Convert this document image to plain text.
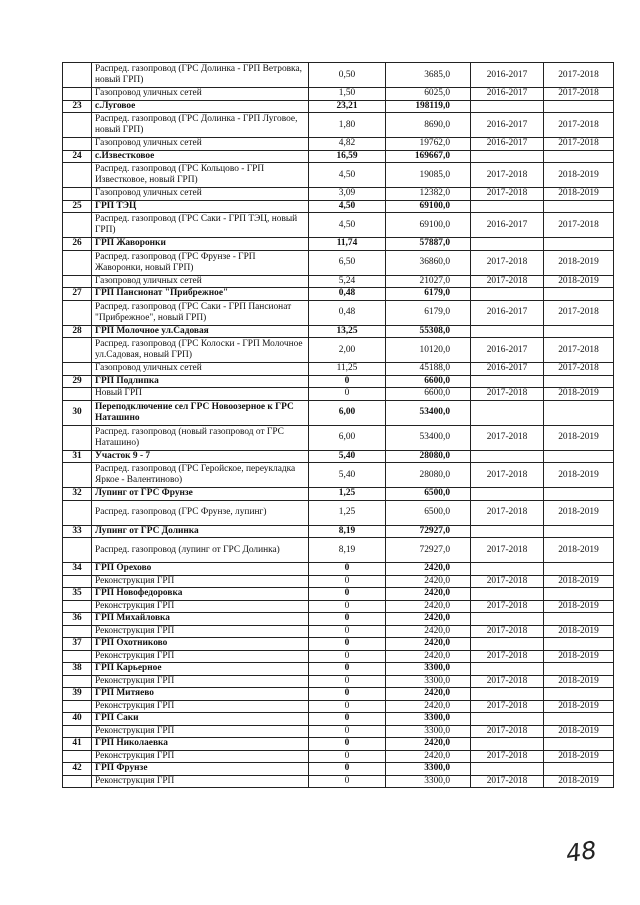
	Распред. газопровод (ГРС Долинка - ГРП Ветровка, новый ГРП)	0,50	3685,0	2016-2017	2017-2018
	Газопровод уличных сетей	1,50	6025,0	2016-2017	2017-2018
23	с.Луговое	23,21	198119,0		
	Распред. газопровод (ГРС Долинка - ГРП Луговое, новый ГРП)	1,80	8690,0	2016-2017	2017-2018
	Газопровод уличных сетей	4,82	19762,0	2016-2017	2017-2018
24	с.Известковое	16,59	169667,0		
	Распред. газопровод (ГРС Кольцово - ГРП Известковое, новый ГРП)	4,50	19085,0	2017-2018	2018-2019
	Газопровод уличных сетей	3,09	12382,0	2017-2018	2018-2019
25	ГРП ТЭЦ	4,50	69100,0		
	Распред. газопровод (ГРС Саки - ГРП ТЭЦ, новый ГРП)	4,50	69100,0	2016-2017	2017-2018
26	ГРП Жаворонки	11,74	57887,0		
	Распред. газопровод (ГРС Фрунзе - ГРП Жаворонки, новый ГРП)	6,50	36860,0	2017-2018	2018-2019
	Газопровод уличных сетей	5,24	21027,0	2017-2018	2018-2019
27	ГРП Пансионат "Прибрежное"	0,48	6179,0		
	Распред. газопровод (ГРС Саки - ГРП Пансионат "Прибрежное", новый ГРП)	0,48	6179,0	2016-2017	2017-2018
28	ГРП Молочное ул.Садовая	13,25	55308,0		
	Распред. газопровод (ГРС Колоски - ГРП Молочное ул.Садовая, новый ГРП)	2,00	10120,0	2016-2017	2017-2018
	Газопровод уличных сетей	11,25	45188,0	2016-2017	2017-2018
29	ГРП Подлипка	0	6600,0		
	Новый ГРП	0	6600,0	2017-2018	2018-2019
30	Переподключение сел ГРС Новоозерное к ГРС Наташино	6,00	53400,0		
	Распред. газопровод (новый газопровод от ГРС Наташино)	6,00	53400,0	2017-2018	2018-2019
31	Участок 9 - 7	5,40	28080,0		
	Распред. газопровод (ГРС Геройское, переукладка Яркое - Валентиново)	5,40	28080,0	2017-2018	2018-2019
32	Лупинг от ГРС Фрунзе	1,25	6500,0		
	Распред. газопровод (ГРС Фрунзе, лупинг)	1,25	6500,0	2017-2018	2018-2019
33	Лупинг от ГРС Долинка	8,19	72927,0		
	Распред. газопровод (лупинг от ГРС Долинка)	8,19	72927,0	2017-2018	2018-2019
34	ГРП Орехово	0	2420,0		
	Реконструкция ГРП	0	2420,0	2017-2018	2018-2019
35	ГРП Новофедоровка	0	2420,0		
	Реконструкция ГРП	0	2420,0	2017-2018	2018-2019
36	ГРП Михайловка	0	2420,0		
	Реконструкция ГРП	0	2420,0	2017-2018	2018-2019
37	ГРП Охотниково	0	2420,0		
	Реконструкция ГРП	0	2420,0	2017-2018	2018-2019
38	ГРП Карьерное	0	3300,0		
	Реконструкция ГРП	0	3300,0	2017-2018	2018-2019
39	ГРП Митяево	0	2420,0		
	Реконструкция ГРП	0	2420,0	2017-2018	2018-2019
40	ГРП Саки	0	3300,0		
	Реконструкция ГРП	0	3300,0	2017-2018	2018-2019
41	ГРП Николаевка	0	2420,0		
	Реконструкция ГРП	0	2420,0	2017-2018	2018-2019
42	ГРП Фрунзе	0	3300,0		
	Реконструкция ГРП	0	3300,0	2017-2018	2018-2019
48
